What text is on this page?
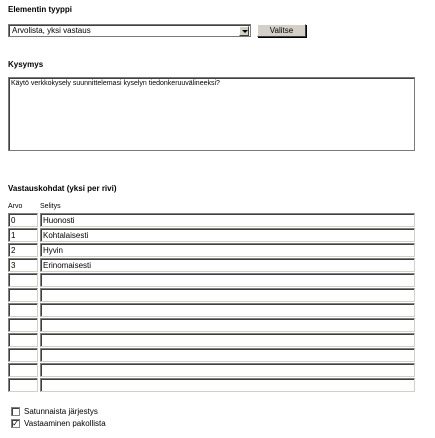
Elementin tyyppi
Arvolista, yksi vastaus	Valitse
Kysymys
Käytö verkkokysely suunnittelemasi kyselyn tiedonkeruuvälineeksi?
Vastauskohdat (yksi per rivi)
Arvo	Selitys
0	Huonosti
1	Kohtalaisesti
2	Hyvin
3	Erinomaisesti
Satunnaista järjestys
✓ Vastaaminen pakollista
